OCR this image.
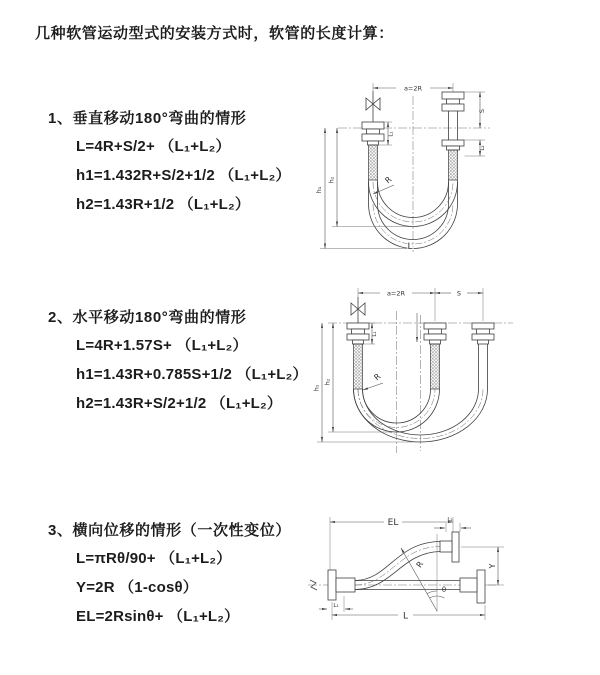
几种软管运动型式的安装方式时，软管的长度计算：
1、垂直移动180°弯曲的情形
L=4R+S/2+ （L₁+L₂）
h1=1.432R+S/2+1/2 （L₁+L₂）
h2=1.43R+1/2 （L₁+L₂）
a=2R
h₁
h₂
L₁
S
L₂
R
L
2、水平移动180°弯曲的情形
L=4R+1.57S+ （L₁+L₂）
h1=1.43R+0.785S+1/2 （L₁+L₂）
h2=1.43R+S/2+1/2 （L₁+L₂）
a=2R	S
h₁
h₂
L₁
R
3、横向位移的情形（一次性变位）
L=πRθ/90+ （L₁+L₂）
Y=2R （1-cosθ）
EL=2Rsinθ+ （L₁+L₂）
EL	L₂
Y
L
L₁
R
θ
